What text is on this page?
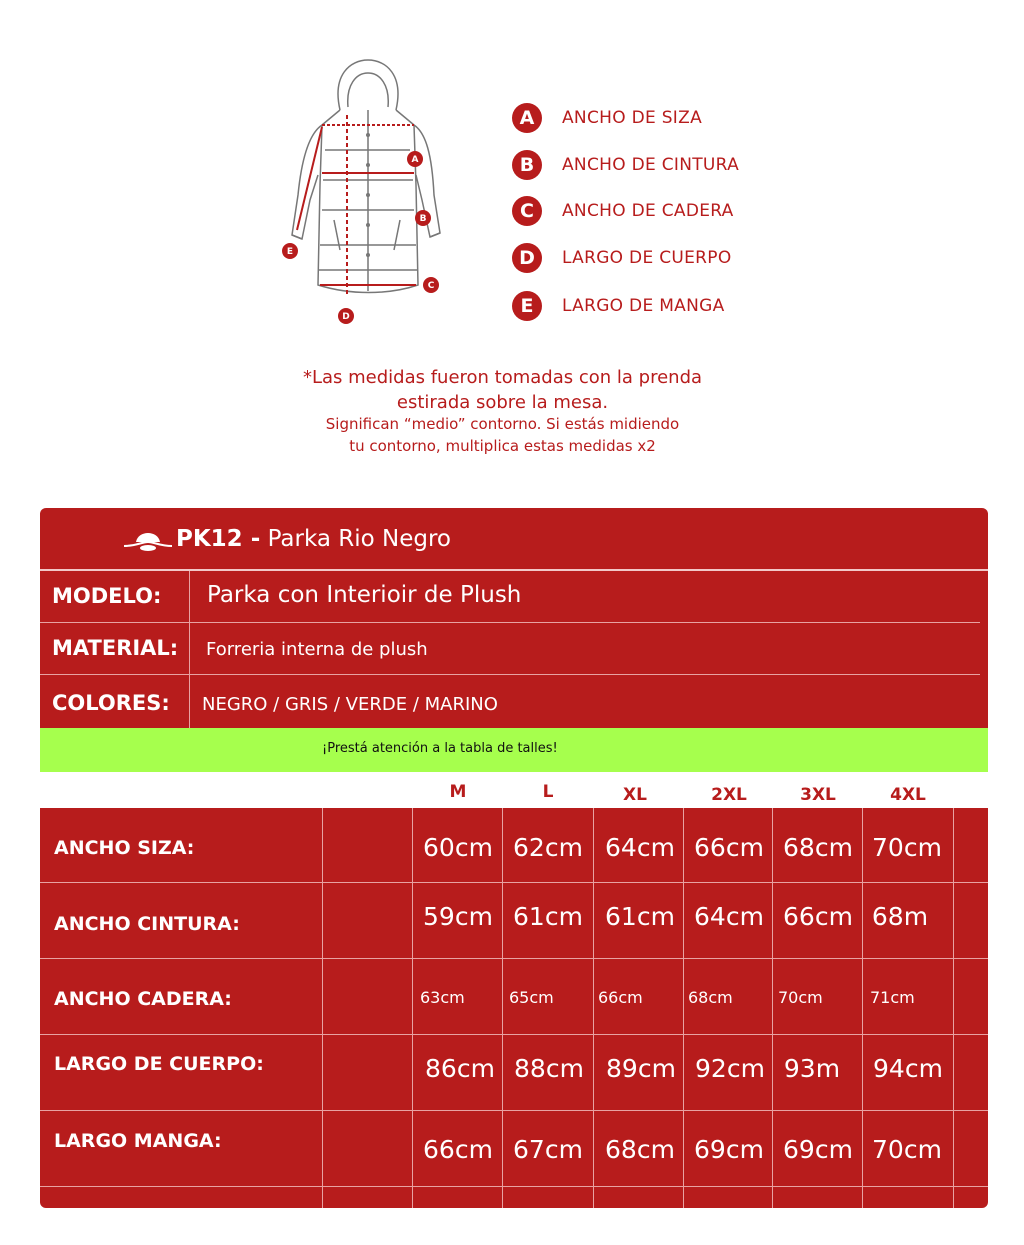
A
B
C
D
E
A	ANCHO DE SIZA
B	ANCHO DE CINTURA
C	ANCHO DE CADERA
D	LARGO DE CUERPO
E	LARGO DE MANGA
*Las medidas fueron tomadas con la prenda
estirada sobre la mesa.
Significan “medio” contorno. Si estás midiendo
tu contorno, multiplica estas medidas x2
PK12 - Parka Rio Negro
MODELO: Parka con Interioir de Plush
MATERIAL: Forreria interna de plush
COLORES: NEGRO / GRIS / VERDE / MARINO
¡Prestá atención a la tabla de talles!
M	L	XL	2XL	3XL	4XL
ANCHO SIZA:	60cm 62cm 64cm 66cm 68cm 70cm
ANCHO CINTURA:	59cm 61cm 61cm 64cm 66cm 68m
ANCHO CADERA:	63cm	65cm	66cm	68cm	70cm	71cm
LARGO DE CUERPO:	86cm 88cm 89cm 92cm 93m	94cm
LARGO MANGA:	66cm 67cm 68cm 69cm 69cm 70cm
